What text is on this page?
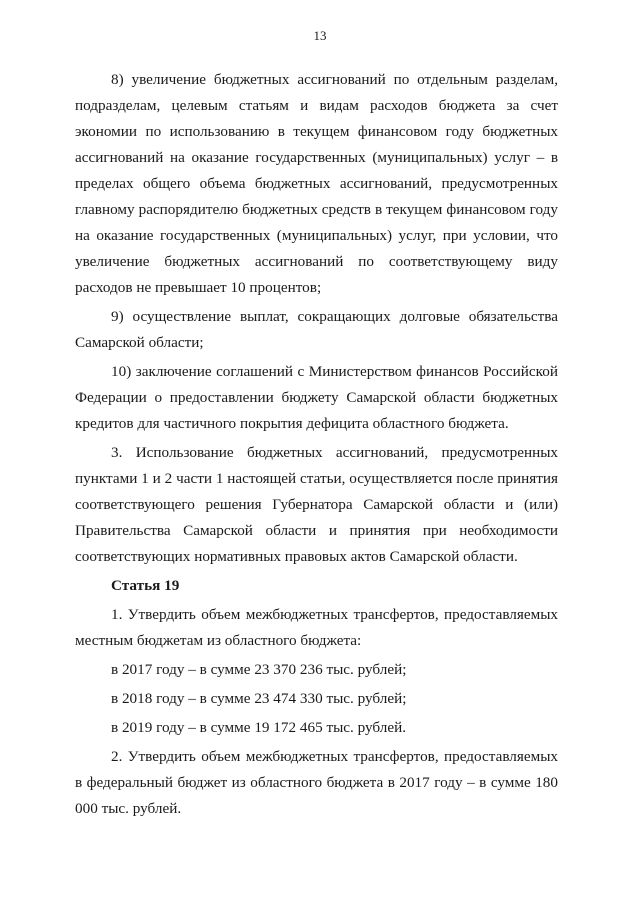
13

8) увеличение бюджетных ассигнований по отдельным разделам, подразделам, целевым статьям и видам расходов бюджета за счет экономии по использованию в текущем финансовом году бюджетных ассигнований на оказание государственных (муниципальных) услуг – в пределах общего объема бюджетных ассигнований, предусмотренных главному распорядителю бюджетных средств в текущем финансовом году на оказание государственных (муниципальных) услуг, при условии, что увеличение бюджетных ассигнований по соответствующему виду расходов не превышает 10 процентов;

9) осуществление выплат, сокращающих долговые обязательства Самарской области;

10) заключение соглашений с Министерством финансов Российской Федерации о предоставлении бюджету Самарской области бюджетных кредитов для частичного покрытия дефицита областного бюджета.

3. Использование бюджетных ассигнований, предусмотренных пунктами 1 и 2 части 1 настоящей статьи, осуществляется после принятия соответствующего решения Губернатора Самарской области и (или) Правительства Самарской области и принятия при необходимости соответствующих нормативных правовых актов Самарской области.

Статья 19

1. Утвердить объем межбюджетных трансфертов, предоставляемых местным бюджетам из областного бюджета:

в 2017 году – в сумме 23 370 236 тыс. рублей;
в 2018 году – в сумме 23 474 330 тыс. рублей;
в 2019 году – в сумме 19 172 465 тыс. рублей.

2. Утвердить объем межбюджетных трансфертов, предоставляемых в федеральный бюджет из областного бюджета в 2017 году – в сумме 180 000 тыс. рублей.
